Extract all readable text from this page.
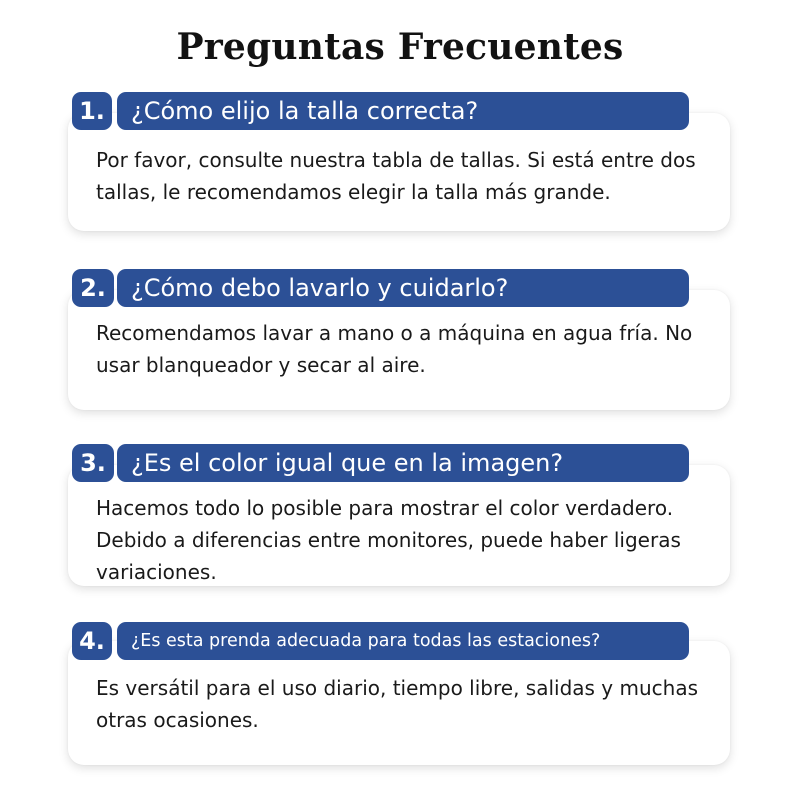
Preguntas Frecuentes

Por favor, consulte nuestra tabla de tallas. Si está entre dos tallas, le recomendamos elegir la talla más grande.

1.	¿Cómo elijo la talla correcta?

Recomendamos lavar a mano o a máquina en agua fría. No usar blanqueador y secar al aire.

2.	¿Cómo debo lavarlo y cuidarlo?

Hacemos todo lo posible para mostrar el color verdadero. Debido a diferencias entre monitores, puede haber ligeras variaciones.

3.	¿Es el color igual que en la imagen?

Es versátil para el uso diario, tiempo libre, salidas y muchas otras ocasiones.

4.	¿Es esta prenda adecuada para todas las estaciones?
